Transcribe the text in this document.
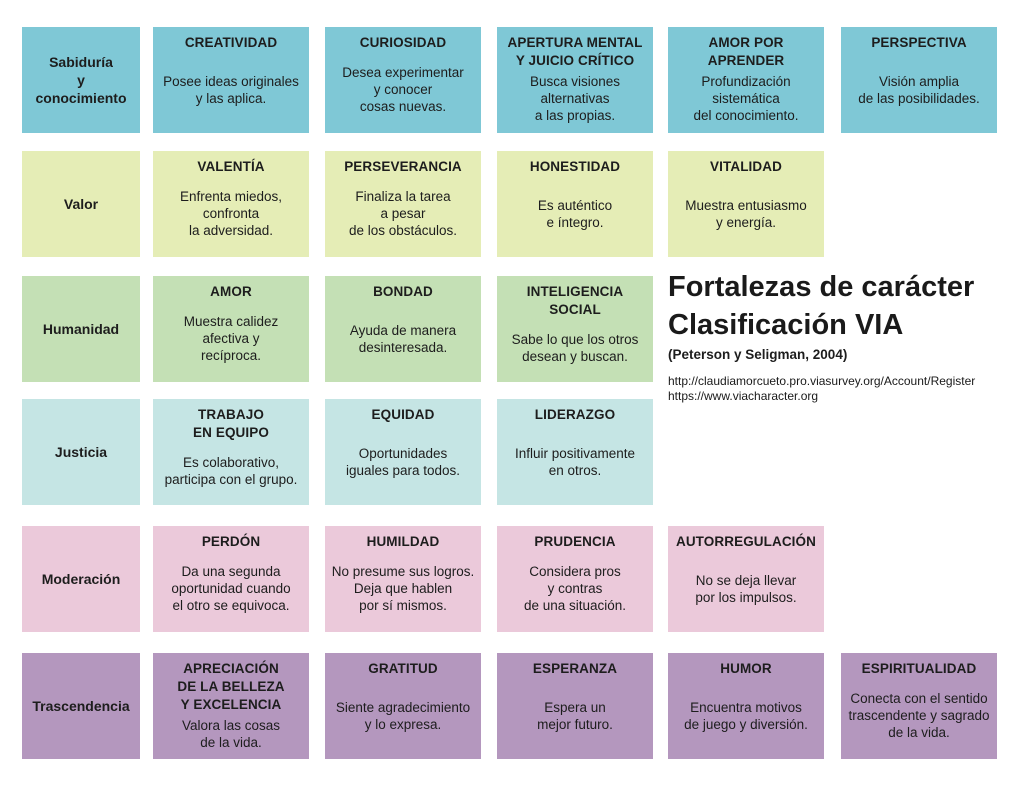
Sabiduría
y
conocimiento
CREATIVIDAD
Posee ideas originales
y las aplica.
CURIOSIDAD
Desea experimentar
y conocer
cosas nuevas.
APERTURA MENTAL
Y JUICIO CRÍTICO
Busca visiones
alternativas
a las propias.
AMOR POR
APRENDER
Profundización
sistemática
del conocimiento.
PERSPECTIVA
Visión amplia
de las posibilidades.
Valor
VALENTÍA
Enfrenta miedos,
confronta
la adversidad.
PERSEVERANCIA
Finaliza la tarea
a pesar
de los obstáculos.
HONESTIDAD
Es auténtico
e íntegro.
VITALIDAD
Muestra entusiasmo
y energía.
Humanidad
AMOR
Muestra calidez
afectiva y
recíproca.
BONDAD
Ayuda de manera
desinteresada.
INTELIGENCIA
SOCIAL
Sabe lo que los otros
desean y buscan.
Justicia
TRABAJO
EN EQUIPO
Es colaborativo,
participa con el grupo.
EQUIDAD
Oportunidades
iguales para todos.
LIDERAZGO
Influir positivamente
en otros.
Moderación
PERDÓN
Da una segunda
oportunidad cuando
el otro se equivoca.
HUMILDAD
No presume sus logros.
Deja que hablen
por sí mismos.
PRUDENCIA
Considera pros
y contras
de una situación.
AUTORREGULACIÓN
No se deja llevar
por los impulsos.
Trascendencia
APRECIACIÓN
DE LA BELLEZA
Y EXCELENCIA
Valora las cosas
de la vida.
GRATITUD
Siente agradecimiento
y lo expresa.
ESPERANZA
Espera un
mejor futuro.
HUMOR
Encuentra motivos
de juego y diversión.
ESPIRITUALIDAD
Conecta con el sentido
trascendente y sagrado
de la vida.
Fortalezas de carácter
Clasificación VIA
(Peterson y Seligman, 2004)
http://claudiamorcueto.pro.viasurvey.org/Account/Register
https://www.viacharacter.org
